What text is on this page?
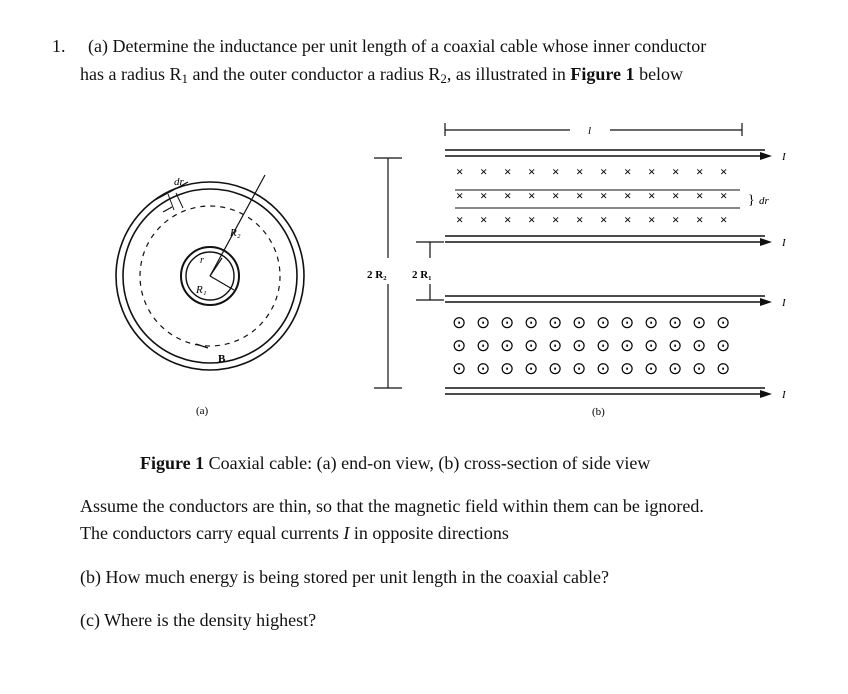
1. (a) Determine the inductance per unit length of a coaxial cable whose inner conductor
has a radius R1 and the outer conductor a radius R2, as illustrated in Figure 1 below
dr
R₂
r
R₁
B
(a)
2 R₂ 2 R₁
l
I
I
I
I
} dr
(b)
× × × × × × × × × × × ×
× × × × × × × × × × × ×
× × × × × × × × × × × ×
⊙ ⊙ ⊙ ⊙ ⊙ ⊙ ⊙ ⊙ ⊙ ⊙ ⊙ ⊙
⊙ ⊙ ⊙ ⊙ ⊙ ⊙ ⊙ ⊙ ⊙ ⊙ ⊙ ⊙
⊙ ⊙ ⊙ ⊙ ⊙ ⊙ ⊙ ⊙ ⊙ ⊙ ⊙ ⊙
Figure 1 Coaxial cable: (a) end-on view, (b) cross-section of side view
Assume the conductors are thin, so that the magnetic field within them can be ignored.
The conductors carry equal currents I in opposite directions
(b) How much energy is being stored per unit length in the coaxial cable?
(c) Where is the density highest?
